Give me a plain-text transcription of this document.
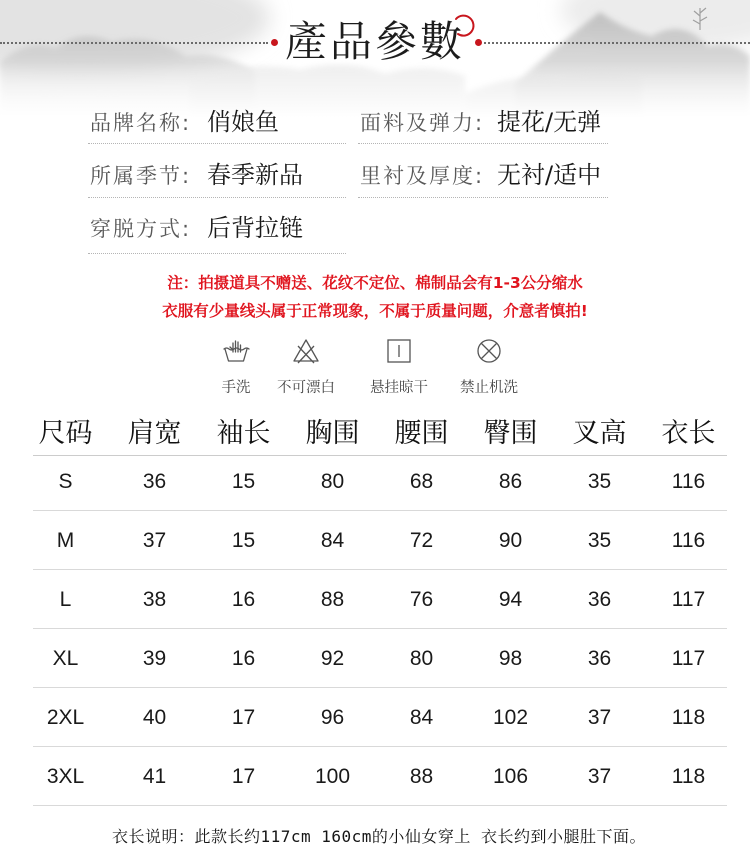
產品參數
品牌名称: 俏娘鱼	面料及弹力: 提花/无弹
所属季节: 春季新品	里衬及厚度: 无衬/适中
穿脱方式: 后背拉链
注：拍摄道具不赠送、花纹不定位、棉制品会有1-3公分缩水
衣服有少量线头属于正常现象，不属于质量问题，介意者慎拍!
手洗	不可漂白	悬挂晾干	禁止机洗
尺码	肩宽	袖长	胸围	腰围	臀围	叉高	衣长
S	36	15	80	68	86	35	116
M	37	15	84	72	90	35	116
L	38	16	88	76	94	36	117
XL	39	16	92	80	98	36	117
2XL	40	17	96	84	102	37	118
3XL	41	17	100	88	106	37	118
衣长说明：此款长约117cm 160cm的小仙女穿上 衣长约到小腿肚下面。
